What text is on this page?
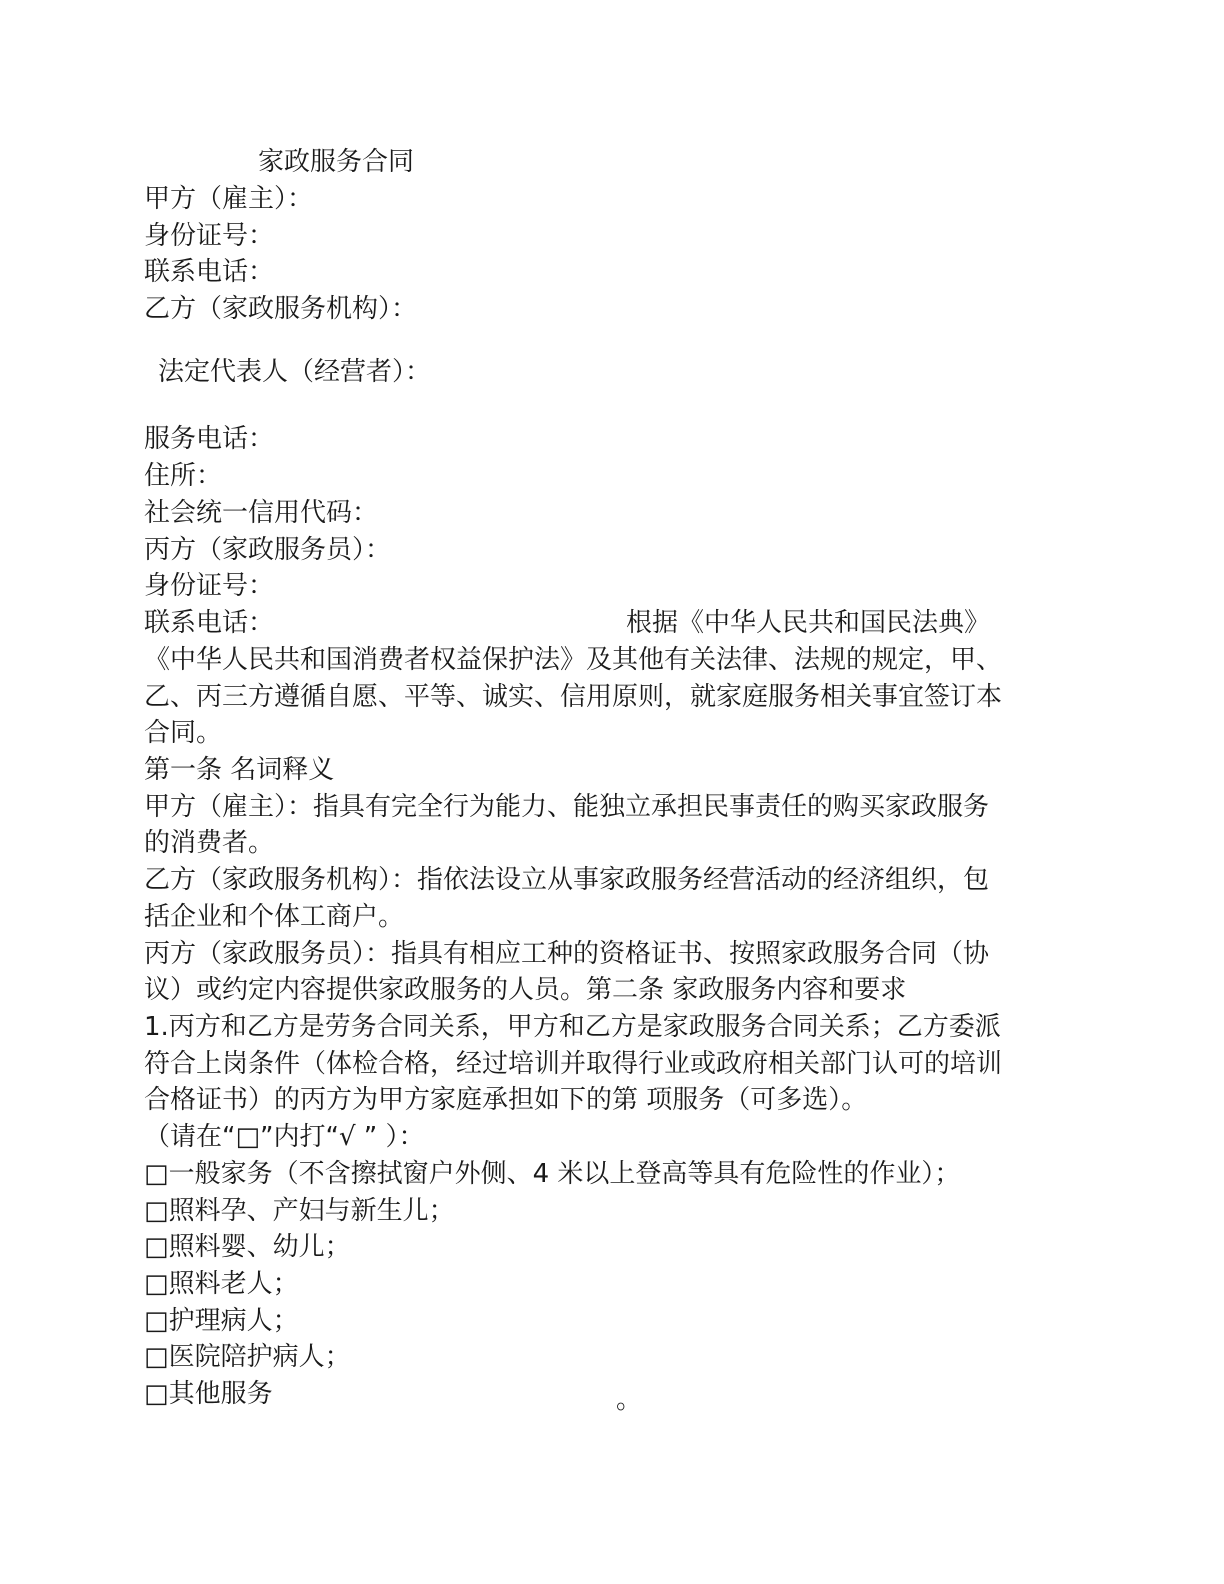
家政服务合同
甲方（雇主）：
身份证号：
联系电话：
乙方（家政服务机构）：
法定代表人（经营者）：
服务电话：
住所：
社会统一信用代码：
丙方（家政服务员）：
身份证号：
联系电话：	根据《中华人民共和国民法典》
《中华人民共和国消费者权益保护法》及其他有关法律、法规的规定，甲、
乙、丙三方遵循自愿、平等、诚实、信用原则，就家庭服务相关事宜签订本
合同。
第一条 名词释义
甲方（雇主）：指具有完全行为能力、能独立承担民事责任的购买家政服务
的消费者。
乙方（家政服务机构）：指依法设立从事家政服务经营活动的经济组织，包
括企业和个体工商户。
丙方（家政服务员）：指具有相应工种的资格证书、按照家政服务合同（协
议）或约定内容提供家政服务的人员。第二条 家政服务内容和要求
1.丙方和乙方是劳务合同关系，甲方和乙方是家政服务合同关系；乙方委派
符合上岗条件（体检合格，经过培训并取得行业或政府相关部门认可的培训
合格证书）的丙方为甲方家庭承担如下的第 项服务（可多选）。
（请在“□”内打“√ ” ）：
□一般家务（不含擦拭窗户外侧、4 米以上登高等具有危险性的作业）；
□照料孕、产妇与新生儿；
□照料婴、幼儿；
□照料老人；
□护理病人；
□医院陪护病人；
□其他服务	。
